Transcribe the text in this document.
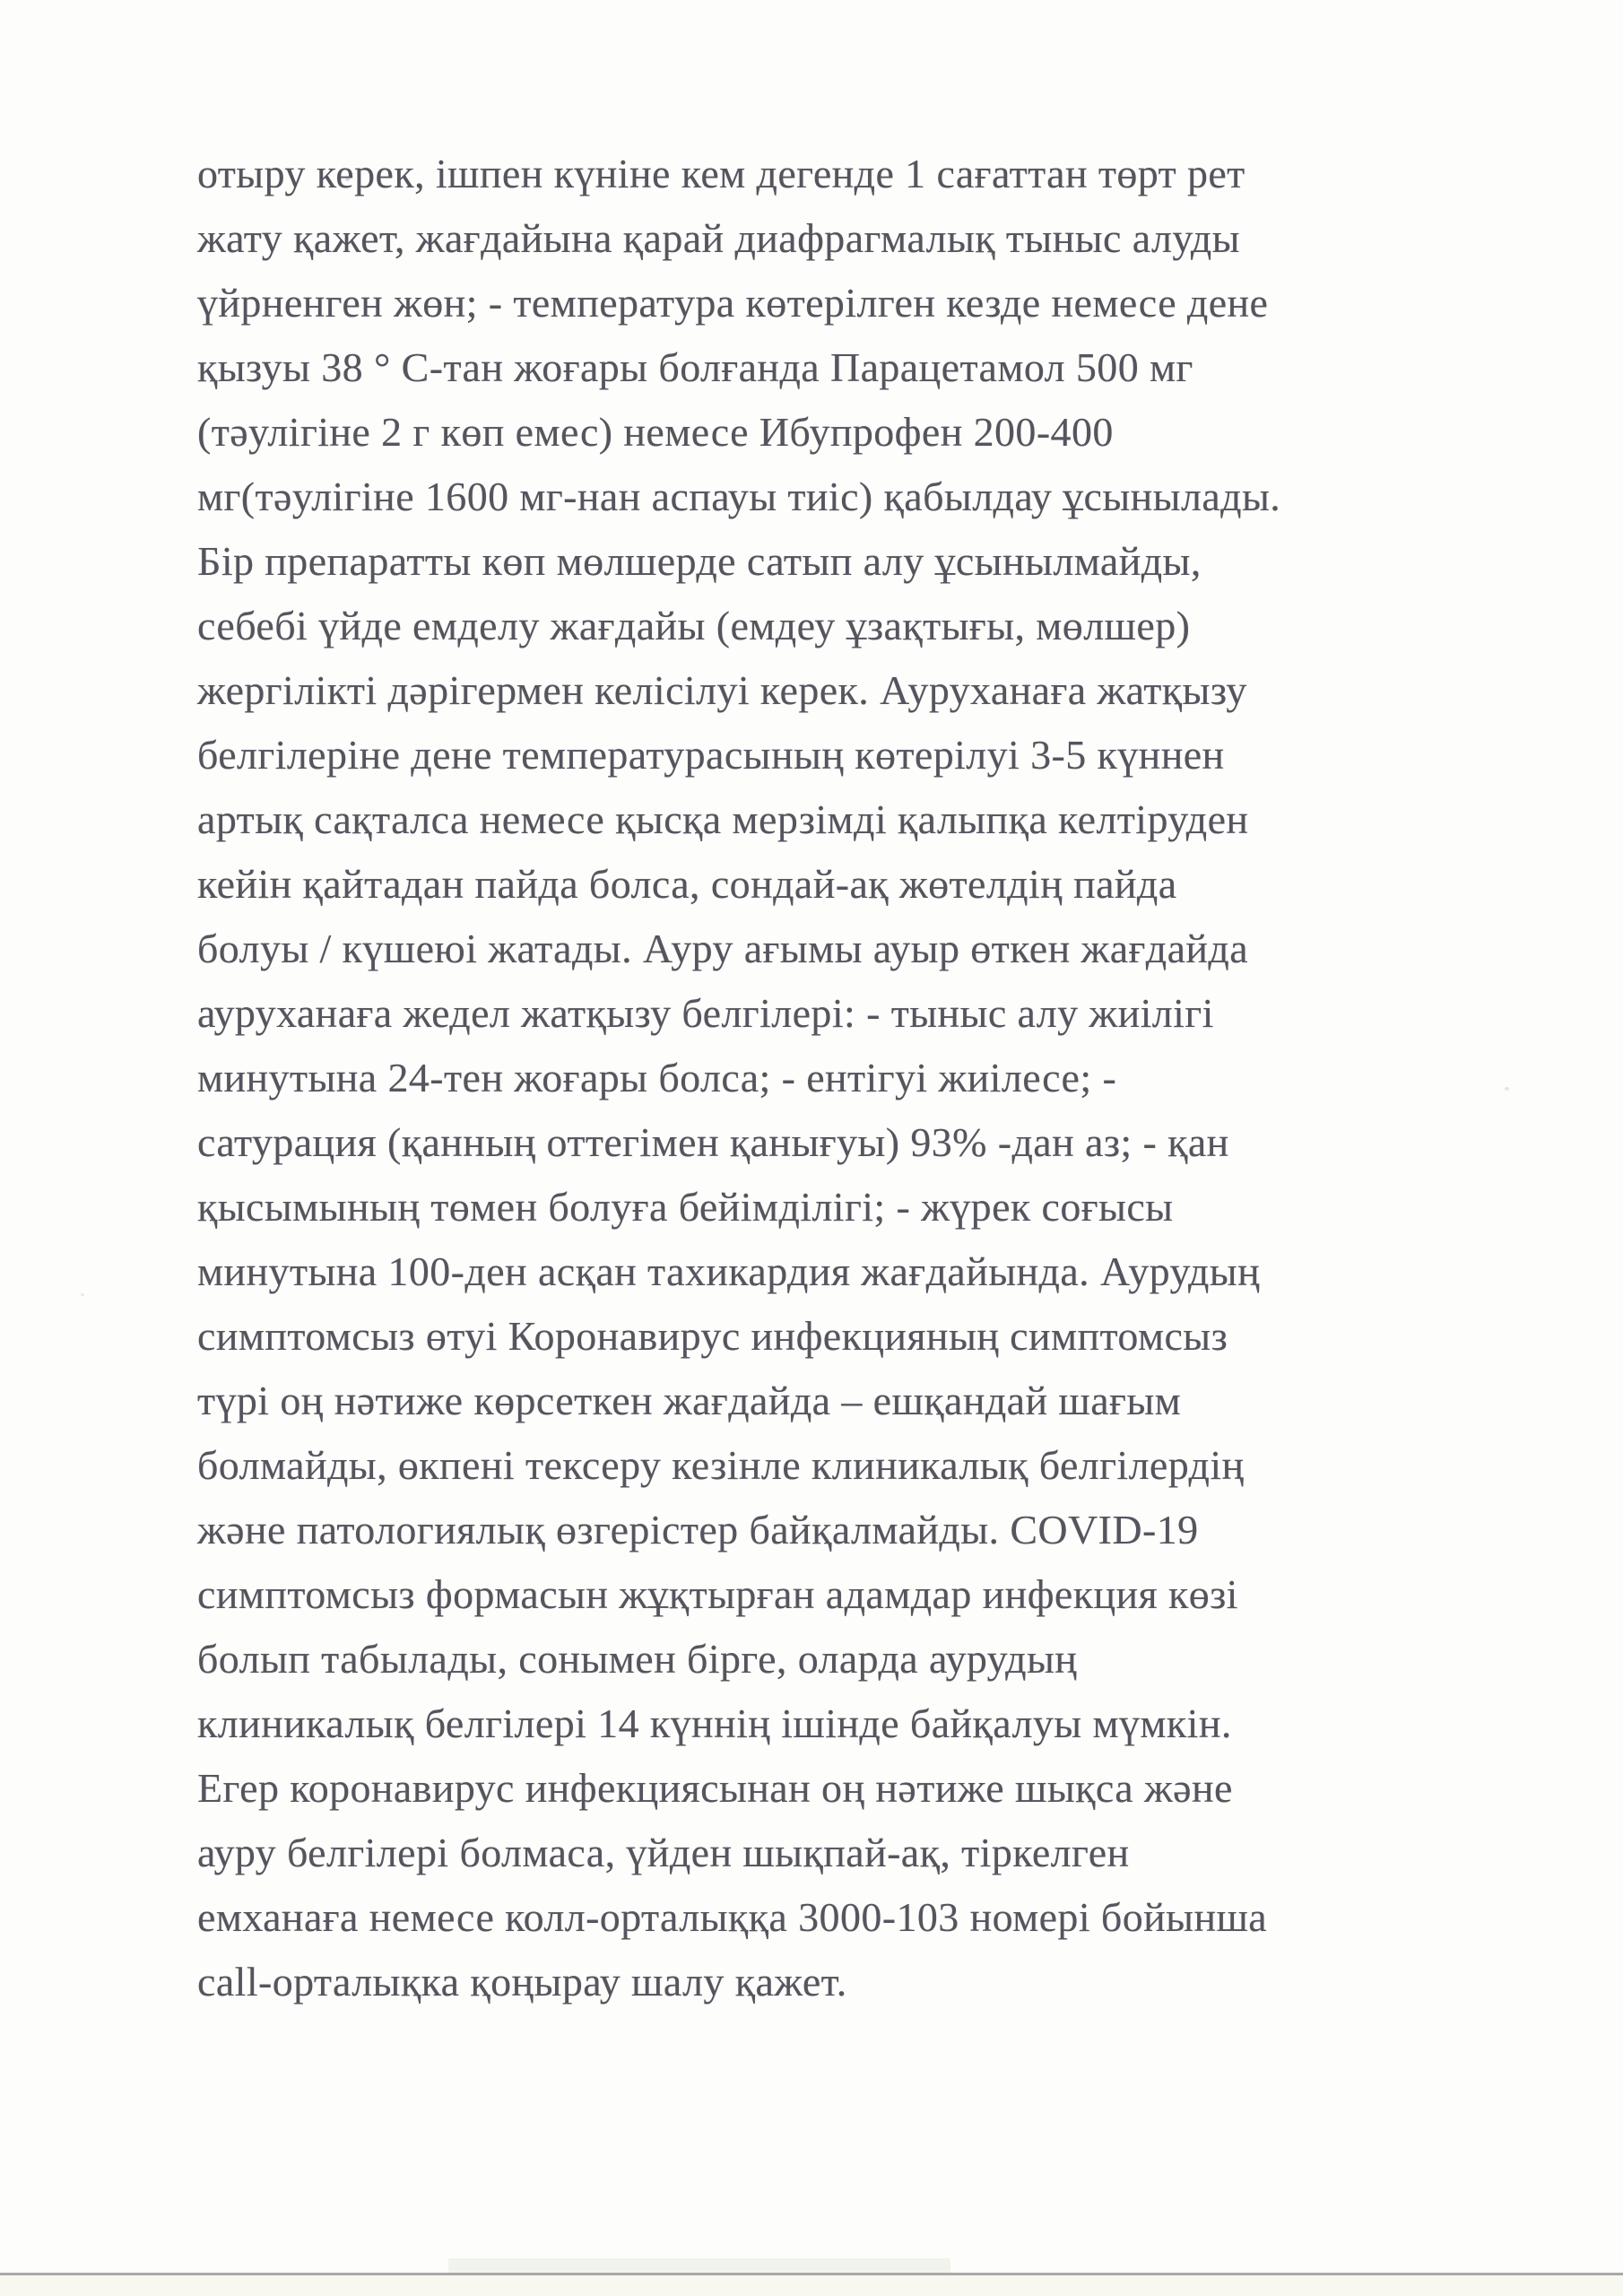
отыру керек, ішпен күніне кем дегенде 1 сағаттан төрт рет
жату қажет, жағдайына қарай диафрагмалық тыныс алуды
үйрненген жөн; - температура көтерілген кезде немесе дене
қызуы 38 ° С-тан жоғары болғанда Парацетамол 500 мг
(тәулігіне 2 г көп емес) немесе Ибупрофен 200-400
мг(тәулігіне 1600 мг-нан аспауы тиіс) қабылдау ұсынылады.
Бір препаратты көп мөлшерде сатып алу ұсынылмайды,
себебі үйде емделу жағдайы (емдеу ұзақтығы, мөлшер)
жергілікті дәрігермен келісілуі керек. Ауруханаға жатқызу
белгілеріне дене температурасының көтерілуі 3-5 күннен
артық сақталса немесе қысқа мерзімді қалыпқа келтіруден
кейін қайтадан пайда болса, сондай-ақ жөтелдің пайда
болуы / күшеюі жатады. Ауру ағымы ауыр өткен жағдайда
ауруханаға жедел жатқызу белгілері: - тыныс алу жиілігі
минутына 24-тен жоғары болса; - ентігуі жиілесе; -
сатурация (қанның оттегімен қанығуы) 93% -дан аз; - қан
қысымының төмен болуға бейімділігі; - жүрек соғысы
минутына 100-ден асқан тахикардия жағдайында. Аурудың
симптомсыз өтуі Коронавирус инфекцияның симптомсыз
түрі оң нәтиже көрсеткен жағдайда – ешқандай шағым
болмайды, өкпені тексеру кезінле клиникалық белгілердің
және патологиялық өзгерістер байқалмайды. COVID-19
симптомсыз формасын жұқтырған адамдар инфекция көзі
болып табылады, сонымен бірге, оларда аурудың
клиникалық белгілері 14 күннің ішінде байқалуы мүмкін.
Егер коронавирус инфекциясынан оң нәтиже шықса және
ауру белгілері болмаса, үйден шықпай-ақ, тіркелген
емханаға немесе колл-орталыққа 3000-103 номері бойынша
call-орталықка қоңырау шалу қажет.
